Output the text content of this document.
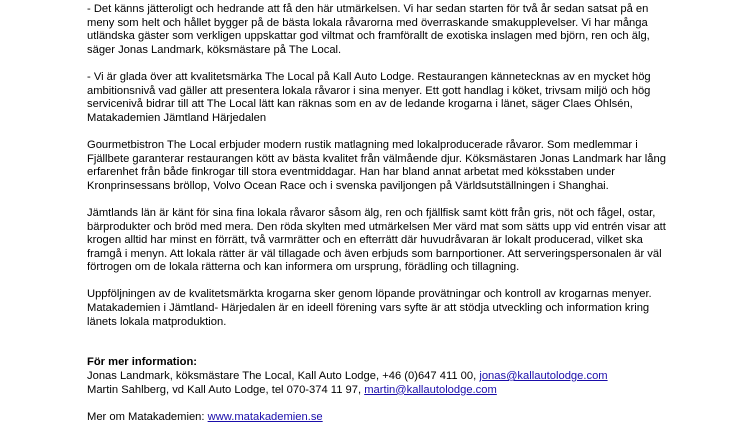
- Det känns jätteroligt och hedrande att få den här utmärkelsen. Vi har sedan starten för två år sedan satsat på en meny som helt och hållet bygger på de bästa lokala råvarorna med överraskande smakupplevelser. Vi har många utländska gäster som verkligen uppskattar god viltmat och framförallt de exotiska inslagen med björn, ren och älg, säger Jonas Landmark, köksmästare på The Local.

- Vi är glada över att kvalitetsmärka The Local på Kall Auto Lodge. Restaurangen kännetecknas av en mycket hög ambitionsnivå vad gäller att presentera lokala råvaror i sina menyer. Ett gott handlag i köket, trivsam miljö och hög servicenivå bidrar till att The Local lätt kan räknas som en av de ledande krogarna i länet, säger Claes Ohlsén, Matakademien Jämtland Härjedalen

Gourmetbistron The Local erbjuder modern rustik matlagning med lokalproducerade råvaror. Som medlemmar i Fjällbete garanterar restaurangen kött av bästa kvalitet från välmående djur. Köksmästaren Jonas Landmark har lång erfarenhet från både finkrogar till stora eventmiddagar. Han har bland annat arbetat med köksstaben under Kronprinsessans bröllop, Volvo Ocean Race och i svenska paviljongen på Världsutställningen i Shanghai.

Jämtlands län är känt för sina fina lokala råvaror såsom älg, ren och fjällfisk samt kött från gris, nöt och fågel, ostar, bärprodukter och bröd med mera. Den röda skylten med utmärkelsen Mer värd mat som sätts upp vid entrén visar att krogen alltid har minst en förrätt, två varmrätter och en efterrätt där huvudråvaran är lokalt producerad, vilket ska framgå i menyn. Att lokala rätter är väl tillagade och även erbjuds som barnportioner. Att serveringspersonalen är väl förtrogen om de lokala rätterna och kan informera om ursprung, förädling och tillagning.

Uppföljningen av de kvalitetsmärkta krogarna sker genom löpande provätningar och kontroll av krogarnas menyer. Matakademien i Jämtland- Härjedalen är en ideell förening vars syfte är att stödja utveckling och information kring länets lokala matproduktion.

För mer information:

Jonas Landmark, köksmästare The Local, Kall Auto Lodge, +46 (0)647 411 00, jonas@kallautolodge.com
Martin Sahlberg, vd Kall Auto Lodge, tel 070-374 11 97, martin@kallautolodge.com
Mer om Matakademien: www.matakademien.se
